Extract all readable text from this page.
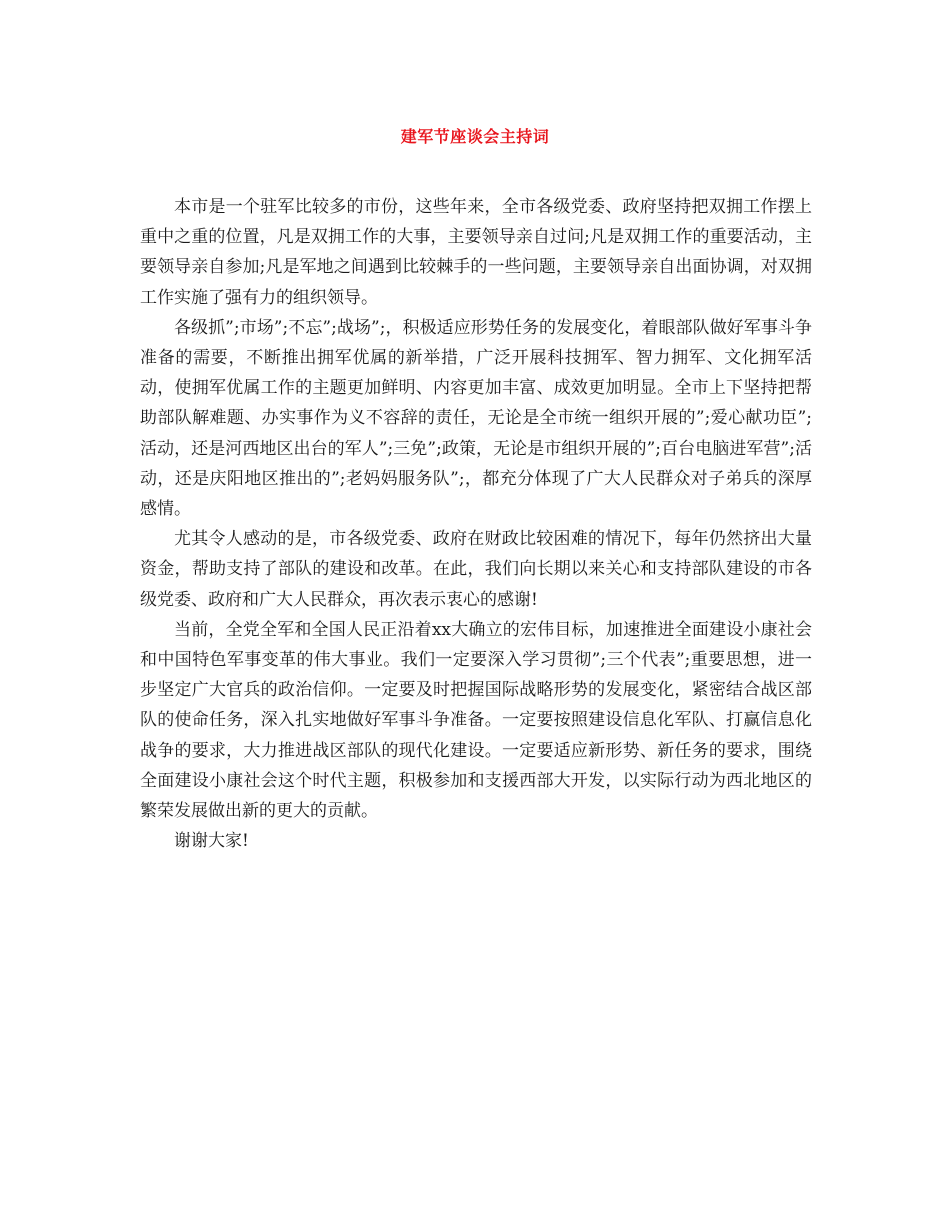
建军节座谈会主持词

本市是一个驻军比较多的市份，这些年来，全市各级党委、政府坚持把双拥工作摆上重中之重的位置，凡是双拥工作的大事，主要领导亲自过问;凡是双拥工作的重要活动，主要领导亲自参加;凡是军地之间遇到比较棘手的一些问题，主要领导亲自出面协调，对双拥工作实施了强有力的组织领导。

各级抓”;市场”;不忘”;战场”;，积极适应形势任务的发展变化，着眼部队做好军事斗争准备的需要，不断推出拥军优属的新举措，广泛开展科技拥军、智力拥军、文化拥军活动，使拥军优属工作的主题更加鲜明、内容更加丰富、成效更加明显。全市上下坚持把帮助部队解难题、办实事作为义不容辞的责任，无论是全市统一组织开展的”;爱心献功臣”;活动，还是河西地区出台的军人”;三免”;政策，无论是市组织开展的”;百台电脑进军营”;活动，还是庆阳地区推出的”;老妈妈服务队”;，都充分体现了广大人民群众对子弟兵的深厚感情。

尤其令人感动的是，市各级党委、政府在财政比较困难的情况下，每年仍然挤出大量资金，帮助支持了部队的建设和改革。在此，我们向长期以来关心和支持部队建设的市各级党委、政府和广大人民群众，再次表示衷心的感谢!

当前，全党全军和全国人民正沿着xx大确立的宏伟目标，加速推进全面建设小康社会和中国特色军事变革的伟大事业。我们一定要深入学习贯彻”;三个代表”;重要思想，进一步坚定广大官兵的政治信仰。一定要及时把握国际战略形势的发展变化，紧密结合战区部队的使命任务，深入扎实地做好军事斗争准备。一定要按照建设信息化军队、打赢信息化战争的要求，大力推进战区部队的现代化建设。一定要适应新形势、新任务的要求，围绕全面建设小康社会这个时代主题，积极参加和支援西部大开发，以实际行动为西北地区的繁荣发展做出新的更大的贡献。

谢谢大家!
